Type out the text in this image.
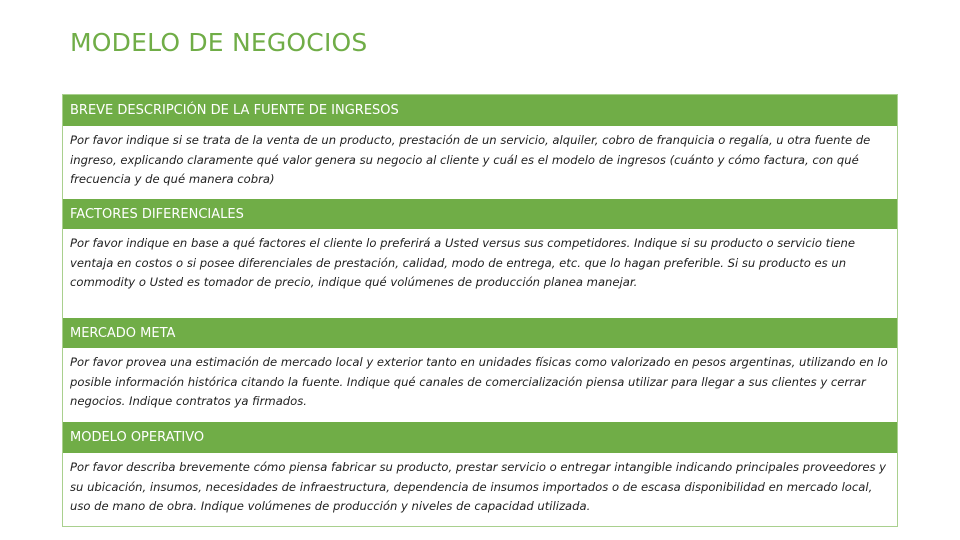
MODELO DE NEGOCIOS
BREVE DESCRIPCIÓN DE LA FUENTE DE INGRESOS
Por favor indique si se trata de la venta de un producto, prestación de un servicio, alquiler, cobro de franquicia o regalía, u otra fuente de ingreso, explicando claramente qué valor genera su negocio al cliente y cuál es el modelo de ingresos (cuánto y cómo factura, con qué frecuencia y de qué manera cobra)
FACTORES DIFERENCIALES
Por favor indique en base a qué factores el cliente lo preferirá a Usted versus sus competidores. Indique si su producto o servicio tiene ventaja en costos o si posee diferenciales de prestación, calidad, modo de entrega, etc. que lo hagan preferible. Si su producto es un commodity o Usted es tomador de precio, indique qué volúmenes de producción planea manejar.
MERCADO META
Por favor provea una estimación de mercado local y exterior tanto en unidades físicas como valorizado en pesos argentinas, utilizando en lo posible información histórica citando la fuente. Indique qué canales de comercialización piensa utilizar para llegar a sus clientes y cerrar negocios. Indique contratos ya firmados.
MODELO OPERATIVO
Por favor describa brevemente cómo piensa fabricar su producto, prestar servicio o entregar intangible indicando principales proveedores y su ubicación, insumos, necesidades de infraestructura, dependencia de insumos importados o de escasa disponibilidad en mercado local, uso de mano de obra. Indique volúmenes de producción y niveles de capacidad utilizada.
